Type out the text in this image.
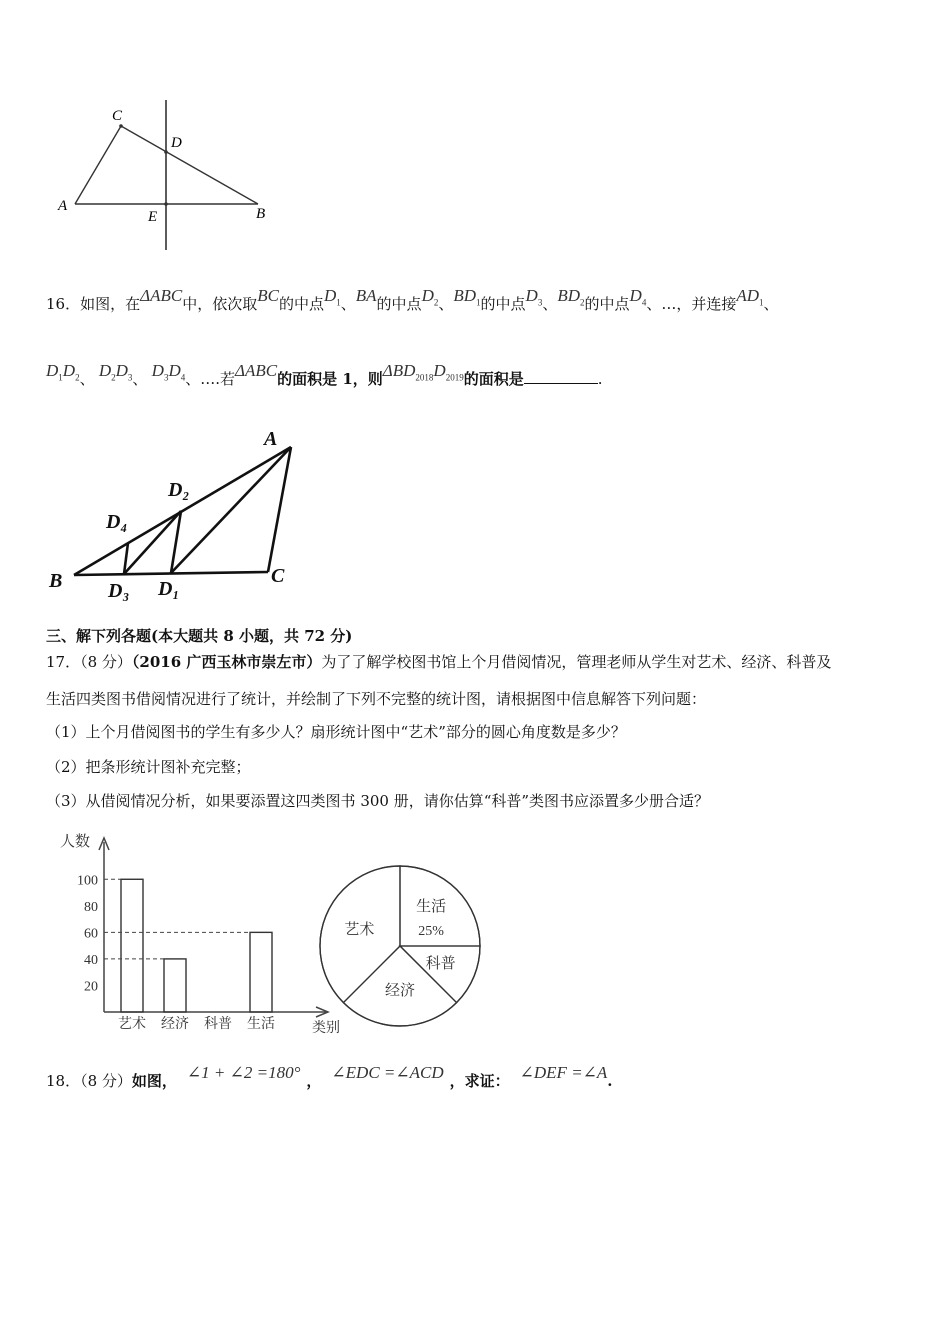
C
D
A
E	B
16．如图，在ΔABC中，依次取BC的中点$D_1$、BA的中点$D_2$、$BD_1$的中点$D_3$、$BD_2$的中点$D_4$、…，并连接$AD_1$、
$D_1D_2$、 $D_2D_3$、 $D_3D_4$、….若ΔABC的面积是 1，则$\Delta BD_{2018}D_{2019}$的面积是	.
A
D₂
D₄
B D₃ D₁
C
三、解下列各题(本大题共 8 小题，共 72 分)
17．（8 分）（2016 广西玉林市崇左市）为了了解学校图书馆上个月借阅情况，管理老师从学生对艺术、经济、科普及
生活四类图书借阅情况进行了统计，并绘制了下列不完整的统计图，请根据图中信息解答下列问题：
（1）上个月借阅图书的学生有多少人？扇形统计图中“艺术”部分的圆心角度数是多少？
（2）把条形统计图补充完整；
（3）从借阅情况分析，如果要添置这四类图书 300 册，请你估算“科普”类图书应添置多少册合适？
人数
类别
20
40
60
80
100
艺术 经济 科普 生活
生活
25%
科普
经济
艺术
18．（8 分）如图， ∠1 + ∠2 =180° ， ∠EDC =∠ACD ，求证： ∠DEF =∠A.
